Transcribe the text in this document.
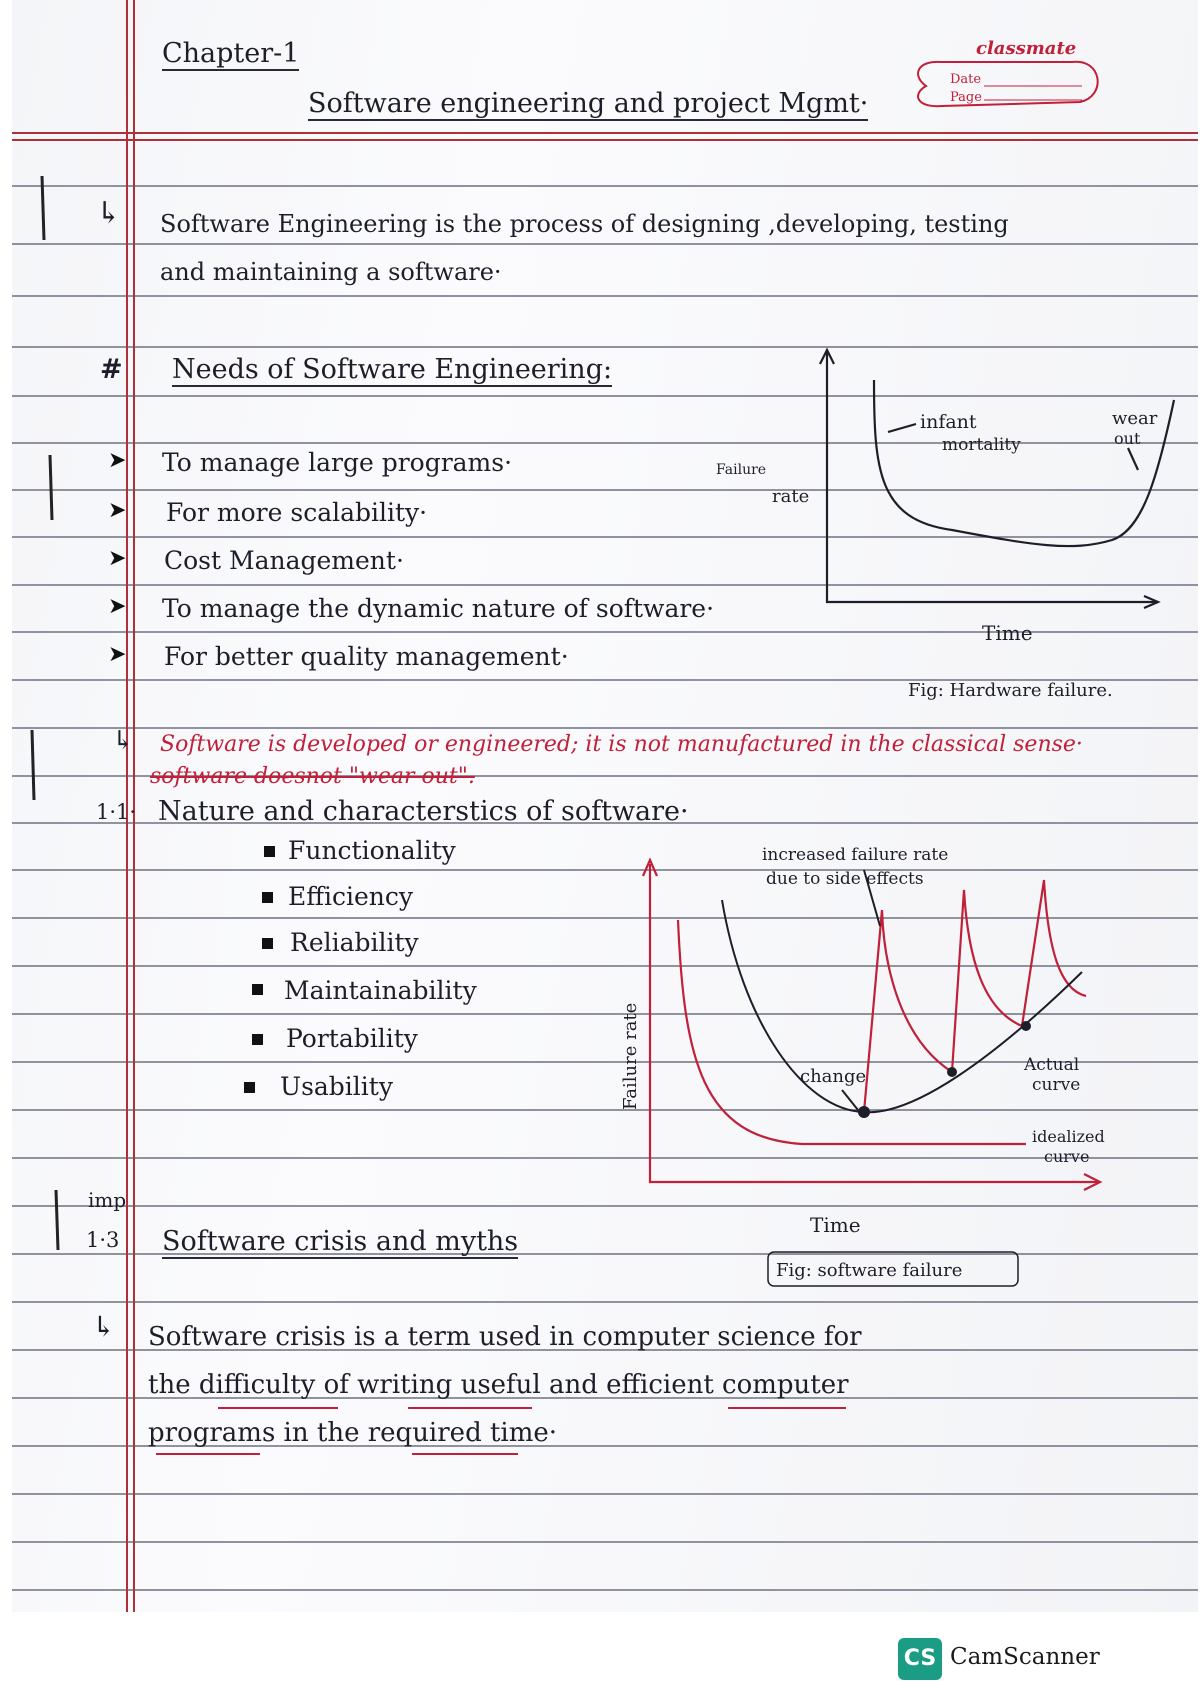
Chapter-1
Software engineering and project Mgmt·
classmate
Date
Page
↳ Software Engineering is the process of designing ,developing, testing
and maintaining a software·
# Needs of Software Engineering:
➤ To manage large programs·
➤ For more scalability·
➤ Cost Management·
➤ To manage the dynamic nature of software·
➤ For better quality management·
Failure
rate
Time
infant
mortality
wear
out
Fig: Hardware failure.
↳ Software is developed or engineered; it is not manufactured in the classical sense·
software doesnot "wear out".
1·1· Nature and characterstics of software·
Functionality
Efficiency
Reliability
Maintainability
Portability
Usability
increased failure rate
due to side effects
Failure rate
Time
change
Actual
curve
idealized
curve
Fig: software failure
imp
1·3 Software crisis and myths
↳ Software crisis is a term used in computer science for
the difficulty of writing useful and efficient computer
programs in the required time·
CS CamScanner
